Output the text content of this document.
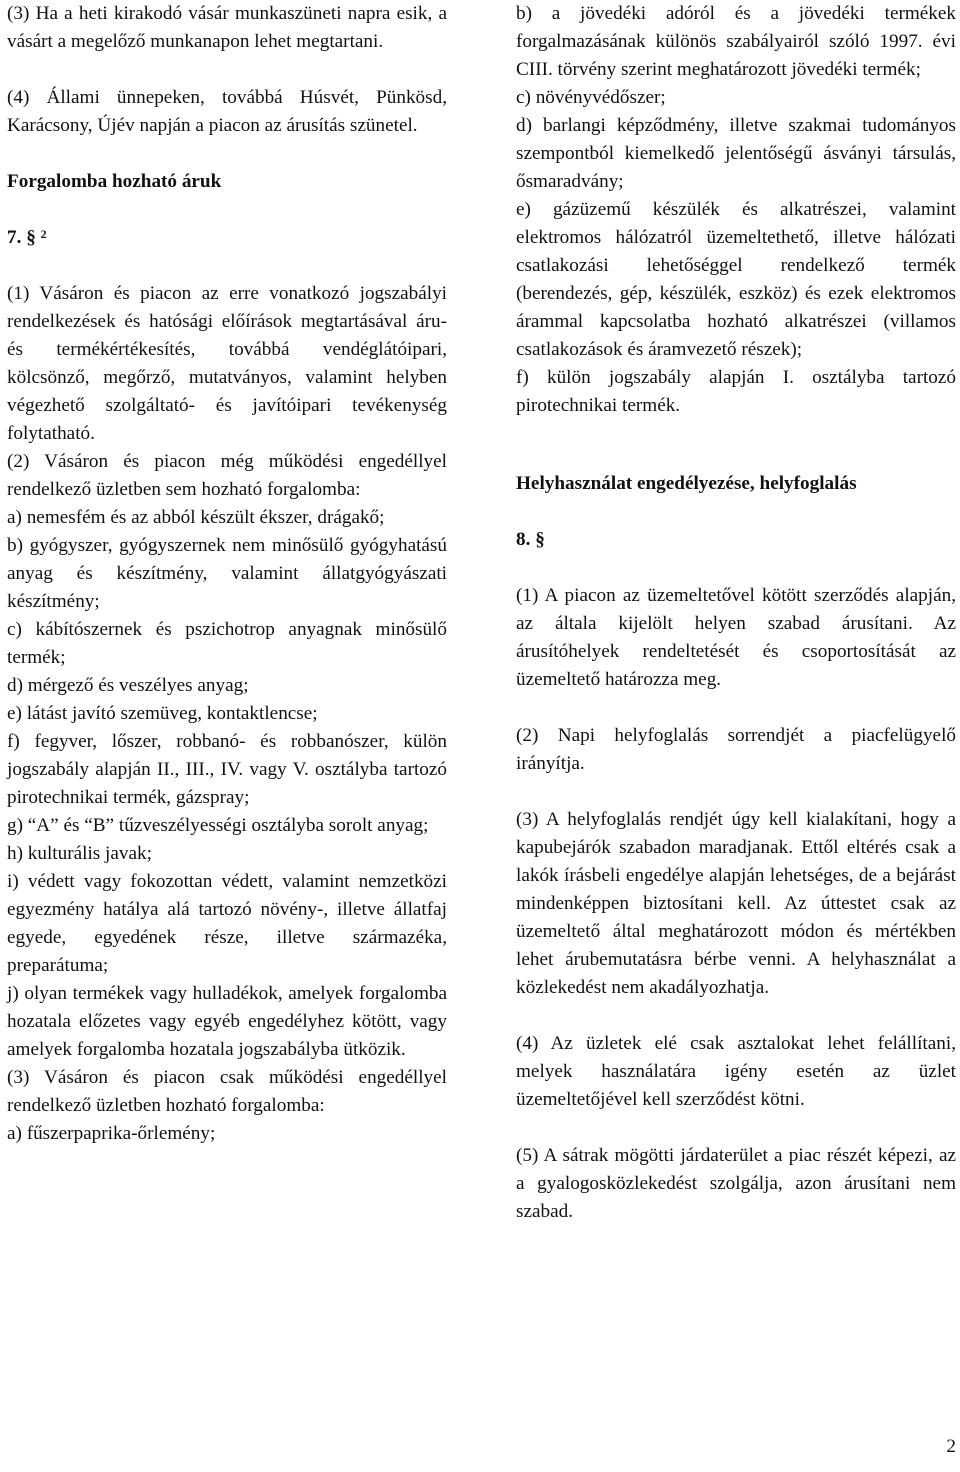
(3) Ha a heti kirakodó vásár munkaszüneti napra esik, a vásárt a megelőző munkanapon lehet megtartani.

(4) Állami ünnepeken, továbbá Húsvét, Pünkösd, Karácsony, Újév napján a piacon az árusítás szünetel.

Forgalomba hozható áruk

7. § $^2$

(1) Vásáron és piacon az erre vonatkozó jogszabályi rendelkezések és hatósági előírások megtartásával áru- és termékértékesítés, továbbá vendéglátóipari, kölcsönző, megőrző, mutatványos, valamint helyben végezhető szolgáltató- és javítóipari tevékenység folytatható.

(2) Vásáron és piacon még működési engedéllyel rendelkező üzletben sem hozható forgalomba:

a) nemesfém és az abból készült ékszer, drágakő;

b) gyógyszer, gyógyszernek nem minősülő gyógyhatású anyag és készítmény, valamint állatgyógyászati készítmény;

c) kábítószernek és pszichotrop anyagnak minősülő termék;

d) mérgező és veszélyes anyag;

e) látást javító szemüveg, kontaktlencse;

f) fegyver, lőszer, robbanó- és robbanószer, külön jogszabály alapján II., III., IV. vagy V. osztályba tartozó pirotechnikai termék, gázspray;

g) “A” és “B” tűzveszélyességi osztályba sorolt anyag;

h) kulturális javak;

i) védett vagy fokozottan védett, valamint nemzetközi egyezmény hatálya alá tartozó növény-, illetve állatfaj egyede, egyedének része, illetve származéka, preparátuma;

j) olyan termékek vagy hulladékok, amelyek forgalomba hozatala előzetes vagy egyéb engedélyhez kötött, vagy amelyek forgalomba hozatala jogszabályba ütközik.

(3) Vásáron és piacon csak működési engedéllyel rendelkező üzletben hozható forgalomba:

a) fűszerpaprika-őrlemény;

b) a jövedéki adóról és a jövedéki termékek forgalmazásának különös szabályairól szóló 1997. évi CIII. törvény szerint meghatározott jövedéki termék;

c) növényvédőszer;

d) barlangi képződmény, illetve szakmai tudományos szempontból kiemelkedő jelentőségű ásványi társulás, ősmaradvány;

e) gázüzemű készülék és alkatrészei, valamint elektromos hálózatról üzemeltethető, illetve hálózati csatlakozási lehetőséggel rendelkező termék (berendezés, gép, készülék, eszköz) és ezek elektromos árammal kapcsolatba hozható alkatrészei (villamos csatlakozások és áramvezető részek);

f) külön jogszabály alapján I. osztályba tartozó pirotechnikai termék.

Helyhasználat engedélyezése, helyfoglalás

8. §

(1) A piacon az üzemeltetővel kötött szerződés alapján, az általa kijelölt helyen szabad árusítani. Az árusítóhelyek rendeltetését és csoportosítását az üzemeltető határozza meg.

(2) Napi helyfoglalás sorrendjét a piacfelügyelő irányítja.

(3) A helyfoglalás rendjét úgy kell kialakítani, hogy a kapubejárók szabadon maradjanak. Ettől eltérés csak a lakók írásbeli engedélye alapján lehetséges, de a bejárást mindenképpen biztosítani kell. Az úttestet csak az üzemeltető által meghatározott módon és mértékben lehet árubemutatásra bérbe venni. A helyhasználat a közlekedést nem akadályozhatja.

(4) Az üzletek elé csak asztalokat lehet felállítani, melyek használatára igény esetén az üzlet üzemeltetőjével kell szerződést kötni.

(5) A sátrak mögötti járdaterület a piac részét képezi, az a gyalogosközlekedést szolgálja, azon árusítani nem szabad.

2
